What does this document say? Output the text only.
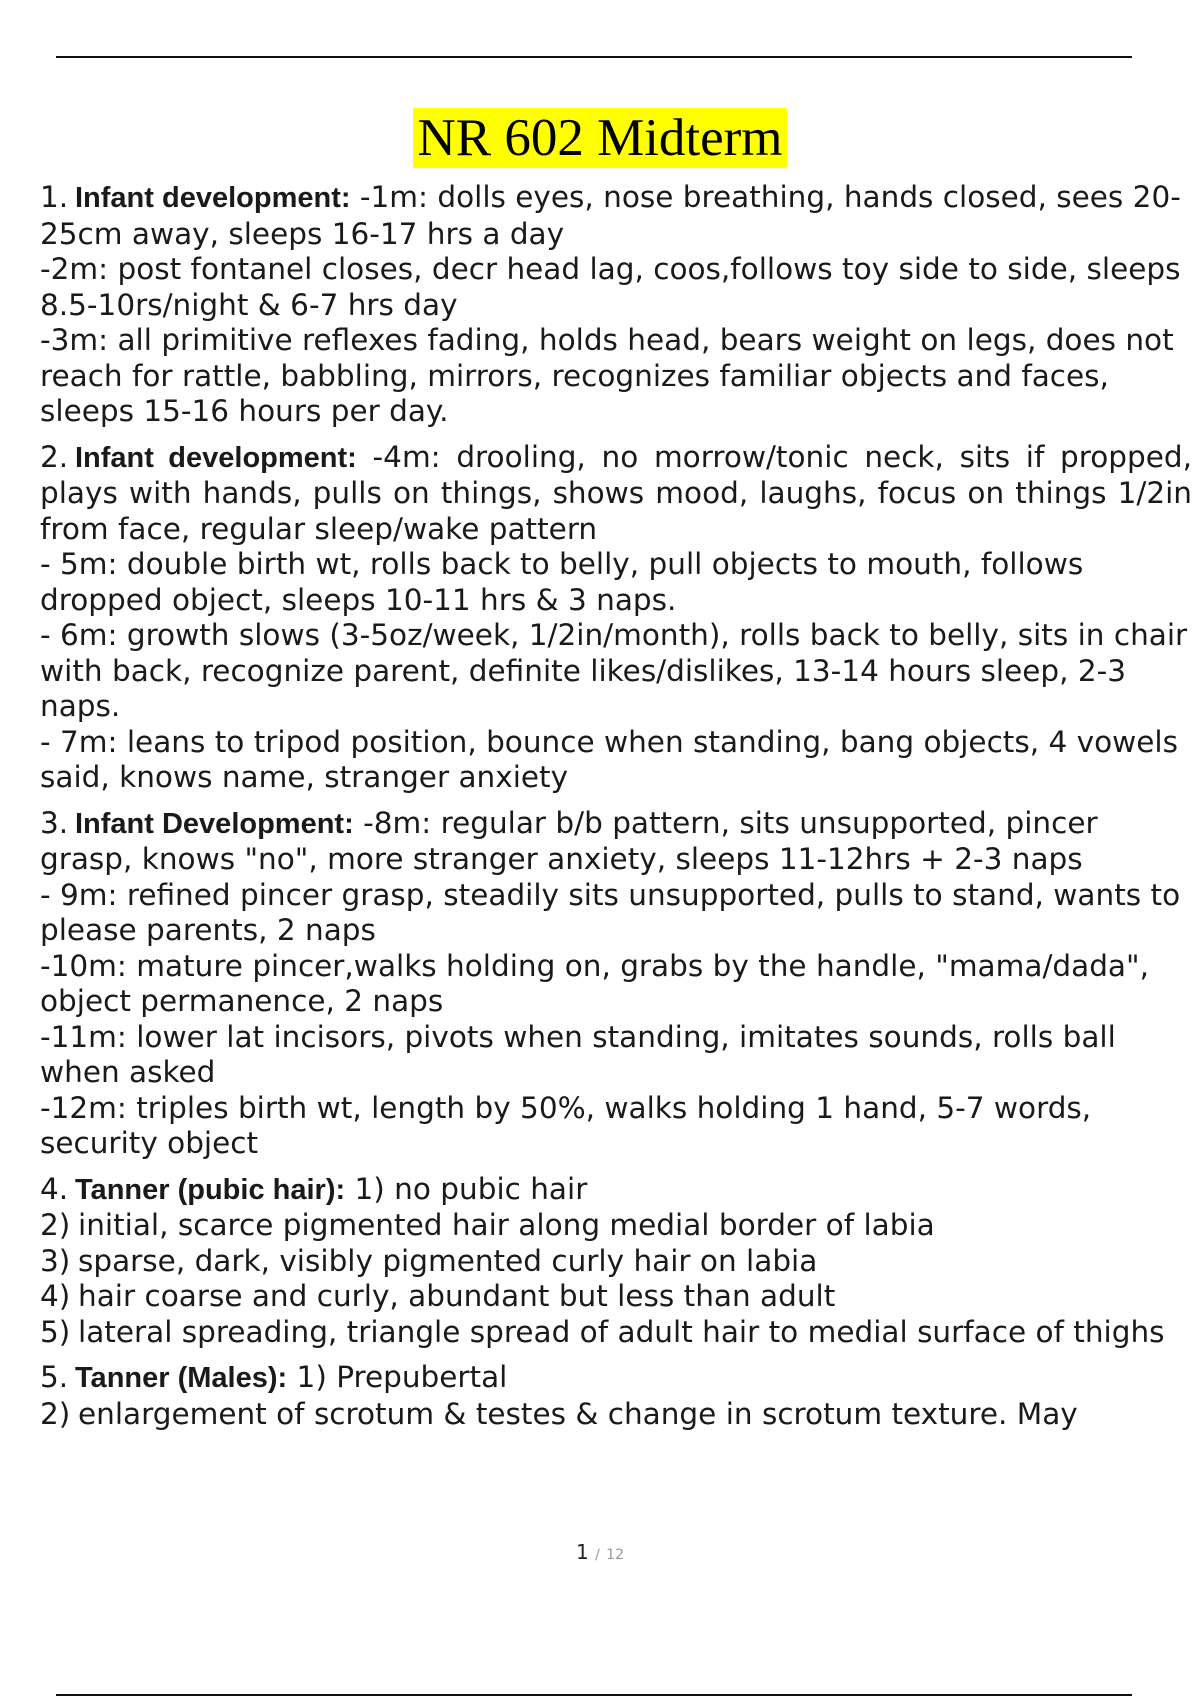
NR 602 Midterm

1. Infant development: -1m: dolls eyes, nose breathing, hands closed, sees 20-25cm away, sleeps 16-17 hrs a day

-2m: post fontanel closes, decr head lag, coos,follows toy side to side, sleeps 8.5-10rs/night & 6-7 hrs day

-3m: all primitive reflexes fading, holds head, bears weight on legs, does not reach for rattle, babbling, mirrors, recognizes familiar objects and faces, sleeps 15-16 hours per day.

2. Infant development: -4m: drooling, no morrow/tonic neck, sits if propped, plays with hands, pulls on things, shows mood, laughs, focus on things 1/2in from face, regular sleep/wake pattern

- 5m: double birth wt, rolls back to belly, pull objects to mouth, follows dropped object, sleeps 10-11 hrs & 3 naps.

- 6m: growth slows (3-5oz/week, 1/2in/month), rolls back to belly, sits in chair with back, recognize parent, definite likes/dislikes, 13-14 hours sleep, 2-3 naps.

- 7m: leans to tripod position, bounce when standing, bang objects, 4 vowels said, knows name, stranger anxiety

3. Infant Development: -8m: regular b/b pattern, sits unsupported, pincer grasp, knows "no", more stranger anxiety, sleeps 11-12hrs + 2-3 naps

- 9m: refined pincer grasp, steadily sits unsupported, pulls to stand, wants to please parents, 2 naps

-10m: mature pincer,walks holding on, grabs by the handle, "mama/dada", object permanence, 2 naps

-11m: lower lat incisors, pivots when standing, imitates sounds, rolls ball when asked

-12m: triples birth wt, length by 50%, walks holding 1 hand, 5-7 words, security object

4. Tanner (pubic hair): 1) no pubic hair

2) initial, scarce pigmented hair along medial border of labia
3) sparse, dark, visibly pigmented curly hair on labia
4) hair coarse and curly, abundant but less than adult
5) lateral spreading, triangle spread of adult hair to medial surface of thighs

5. Tanner (Males): 1) Prepubertal

2) enlargement of scrotum & testes & change in scrotum texture. May
1 / 12
